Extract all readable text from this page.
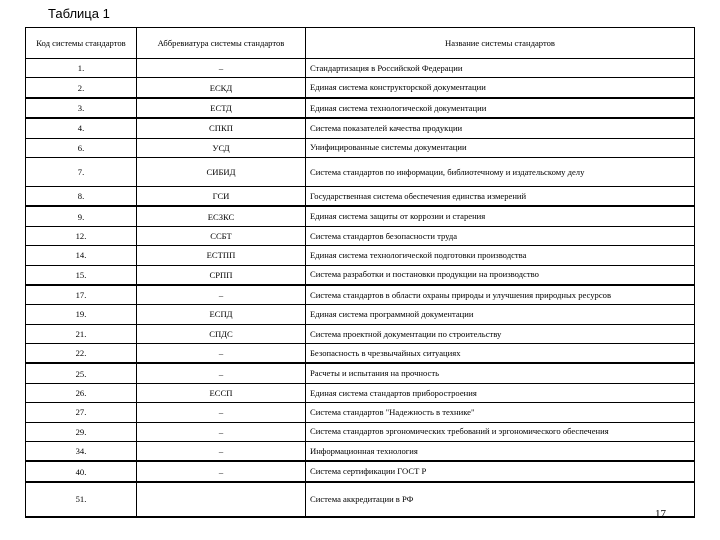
Таблица 1
Код системы стандартов	Аббревиатура системы стандартов	Название системы стандартов
1.	–	Стандартизация в Российской Федерации
2.	ЕСКД	Единая система конструкторской документации
3.	ЕСТД	Единая система технологической документации
4.	СПКП	Система показателей качества продукции
6.	УСД	Унифицированные системы документации
7.	СИБИД	Система стандартов по информации, библиотечному и издательскому делу
8.	ГСИ	Государственная система обеспечения единства измерений
9.	ЕСЗКС	Единая система защиты от коррозии и старения
12.	ССБТ	Система стандартов безопасности труда
14.	ЕСТПП	Единая система технологической подготовки производства
15.	СРПП	Система разработки и постановки продукции на производство
17.	–	Система стандартов в области охраны природы и улучшения природных ресурсов
19.	ЕСПД	Единая система программной документации
21.	СПДС	Система проектной документации по строительству
22.	–	Безопасность в чрезвычайных ситуациях
25.	–	Расчеты и испытания на прочность
26.	ЕССП	Единая система стандартов приборостроения
27.	–	Система стандартов "Надежность в технике"
29.	–	Система стандартов эргономических требований и эргономического обеспечения
34.	–	Информационная технология
40.	–	Система сертификации ГОСТ Р
51.		Система аккредитации в РФ
17
